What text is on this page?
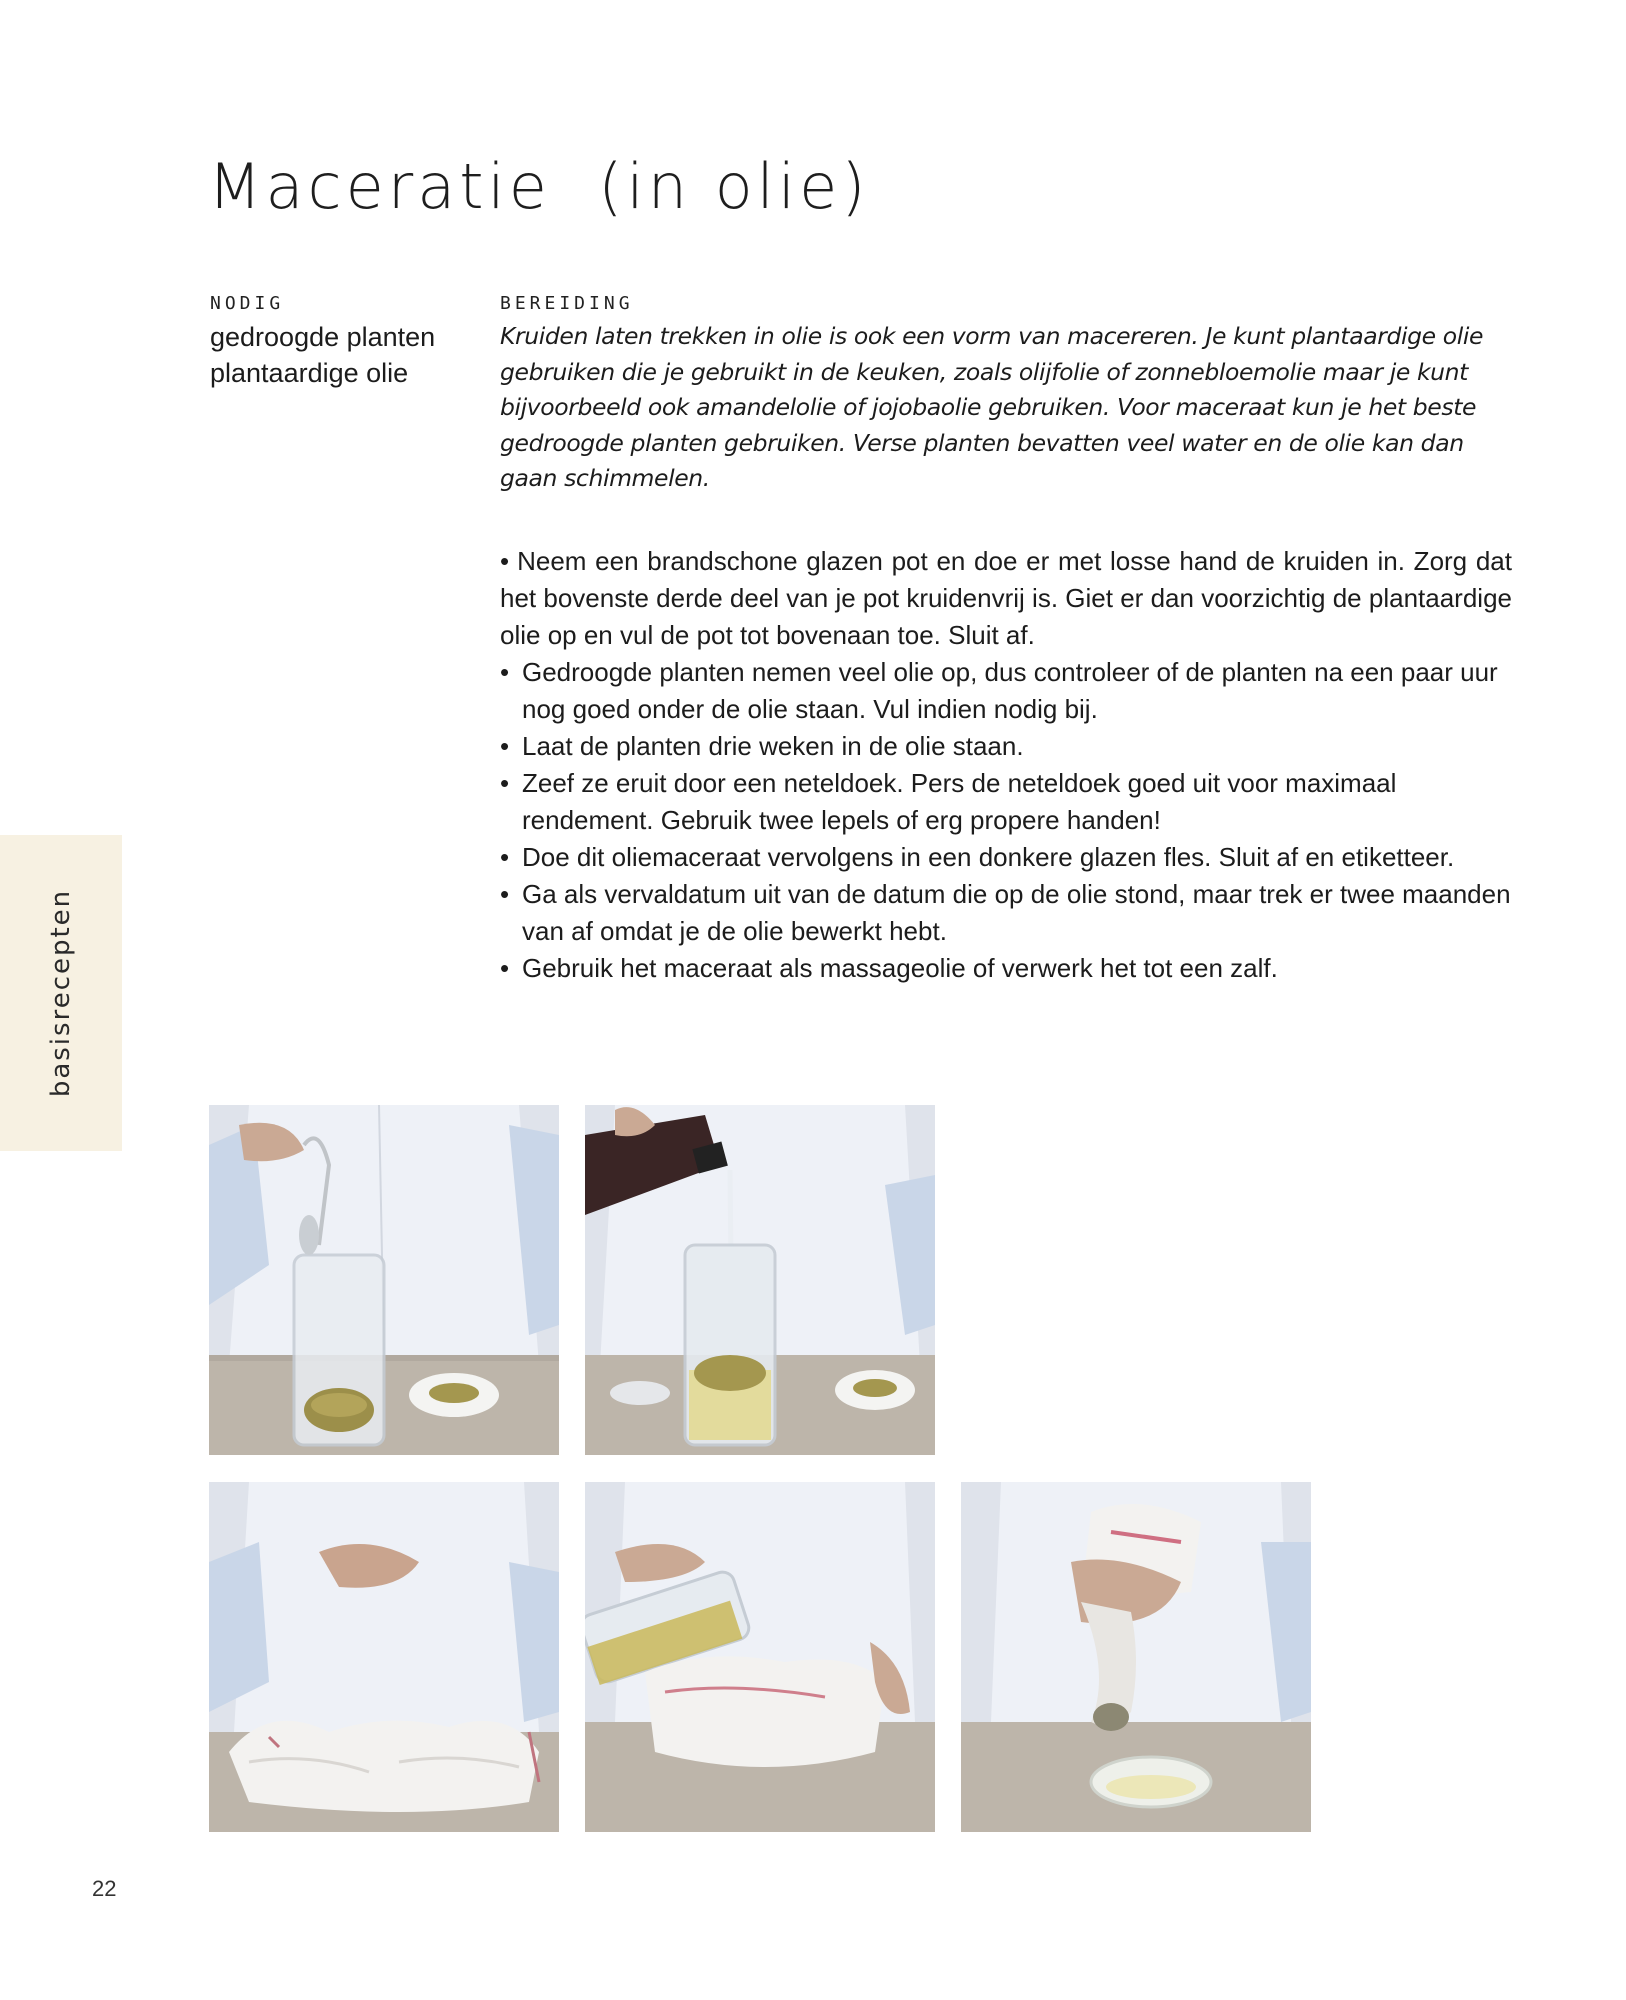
Maceratie  (in olie)
NODIG
gedroogde planten
plantaardige olie
BEREIDING

Kruiden laten trekken in olie is ook een vorm van macereren. Je kunt plantaardige olie gebruiken die je gebruikt in de keuken, zoals olijfolie of zonnebloemolie maar je kunt bijvoorbeeld ook amandelolie of jojobaolie gebruiken. Voor maceraat kun je het beste gedroogde planten gebruiken. Verse planten bevatten veel water en de olie kan dan gaan schimmelen.

• Neem een brandschone glazen pot en doe er met losse hand de kruiden in. Zorg dat het bovenste derde deel van je pot kruidenvrij is. Giet er dan voorzichtig de plantaardige olie op en vul de pot tot bovenaan toe. Sluit af.
• Gedroogde planten nemen veel olie op, dus controleer of de planten na een paar uur nog goed onder de olie staan. Vul indien nodig bij.
• Laat de planten drie weken in de olie staan.
• Zeef ze eruit door een neteldoek. Pers de neteldoek goed uit voor maximaal rendement. Gebruik twee lepels of erg propere handen!
• Doe dit oliemaceraat vervolgens in een donkere glazen fles. Sluit af en etiketteer.
• Ga als vervaldatum uit van de datum die op de olie stond, maar trek er twee maanden van af omdat je de olie bewerkt hebt.
• Gebruik het maceraat als massageolie of verwerk het tot een zalf.
basisrecepten
22
